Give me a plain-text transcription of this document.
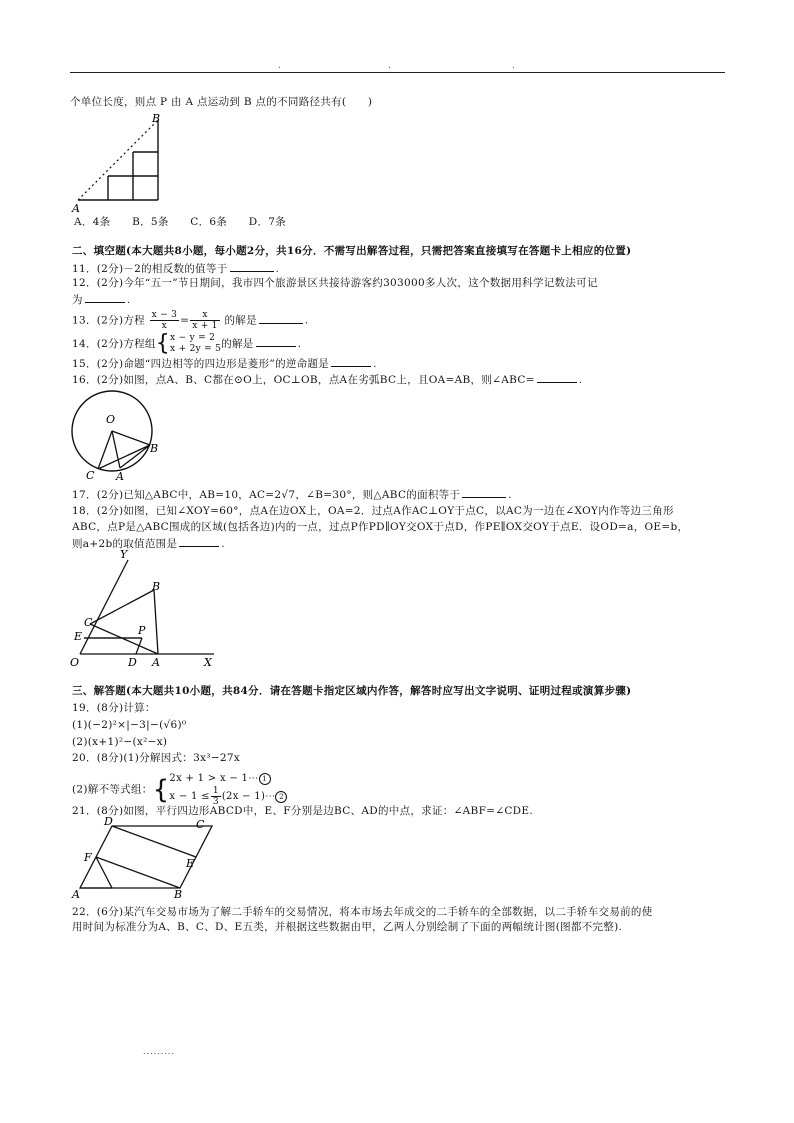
.	.	.
个单位长度，则点 P 由 A 点运动到 B 点的不同路径共有(　　)
B
A
A．4条　　B．5条　　C．6条　　D．7条
二、填空题(本大题共8小题，每小题2分，共16分．不需写出解答过程，只需把答案直接填写在答题卡上相应的位置)
11．(2分)－2的相反数的值等于	.
12．(2分)今年“五一”节日期间，我市四个旅游景区共接待游客约303000多人次，这个数据用科学记数法可记
为	.
13．(2分)方程 $\frac{x - 3}{x} = \frac{x}{x + 1}$ 的解是	.
14．(2分)方程组{ x − y = 2
x + 2y = 5 的解是	.
15．(2分)命题“四边相等的四边形是菱形”的逆命题是	.
16．(2分)如图，点A、B、C都在⊙O上，OC⊥OB，点A在劣弧BC上，且OA=AB，则∠ABC=	.
O
B
C A
17．(2分)已知△ABC中，AB=10，AC=2√7，∠B=30°，则△ABC的面积等于	.
18．(2分)如图，已知∠XOY=60°，点A在边OX上，OA=2．过点A作AC⊥OY于点C，以AC为一边在∠XOY内作等边三角形
ABC，点P是△ABC围成的区域(包括各边)内的一点，过点P作PD∥OY交OX于点D，作PE∥OX交OY于点E．设OD=a，OE=b，
则a+2b的取值范围是	.
Y
B
C
P
E
O	D A	X
三、解答题(本大题共10小题，共84分．请在答题卡指定区域内作答，解答时应写出文字说明、证明过程或演算步骤)
19．(8分)计算：
(1)(−2)²×|−3|−(√6)⁰
(2)(x+1)²−(x²−x)
20．(8分)(1)分解因式：3x³−27x
(2)解不等式组：{ 2x + 1 > x − 1⋯ 1
$x - 1 \le \frac{1}{3} (2x$ − 1)⋯ 2
21．(8分)如图，平行四边形ABCD中，E、F分别是边BC、AD的中点，求证：∠ABF=∠CDE.
D	C
F	E
A	B
22．(6分)某汽车交易市场为了解二手轿车的交易情况，将本市场去年成交的二手轿车的全部数据，以二手轿车交易前的使
用时间为标准分为A、B、C、D、E五类，并根据这些数据由甲，乙两人分别绘制了下面的两幅统计图(图都不完整).
.........
